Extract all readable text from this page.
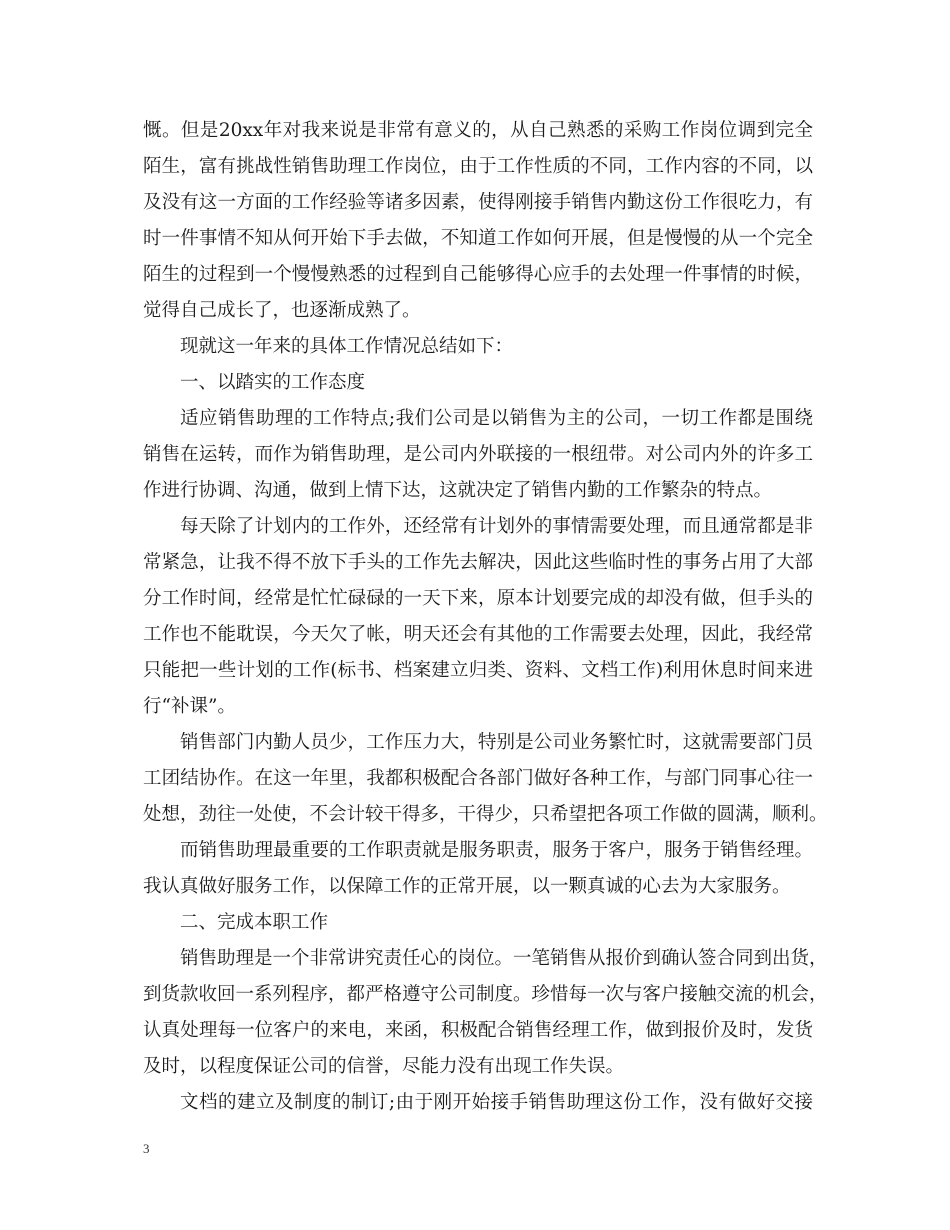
慨。但是20xx年对我来说是非常有意义的，从自己熟悉的采购工作岗位调到完全
陌生，富有挑战性销售助理工作岗位，由于工作性质的不同，工作内容的不同，以
及没有这一方面的工作经验等诸多因素，使得刚接手销售内勤这份工作很吃力，有
时一件事情不知从何开始下手去做，不知道工作如何开展，但是慢慢的从一个完全
陌生的过程到一个慢慢熟悉的过程到自己能够得心应手的去处理一件事情的时候，
觉得自己成长了，也逐渐成熟了。
现就这一年来的具体工作情况总结如下：
一、以踏实的工作态度
适应销售助理的工作特点;我们公司是以销售为主的公司，一切工作都是围绕
销售在运转，而作为销售助理，是公司内外联接的一根纽带。对公司内外的许多工
作进行协调、沟通，做到上情下达，这就决定了销售内勤的工作繁杂的特点。
每天除了计划内的工作外，还经常有计划外的事情需要处理，而且通常都是非
常紧急，让我不得不放下手头的工作先去解决，因此这些临时性的事务占用了大部
分工作时间，经常是忙忙碌碌的一天下来，原本计划要完成的却没有做，但手头的
工作也不能耽误，今天欠了帐，明天还会有其他的工作需要去处理，因此，我经常
只能把一些计划的工作(标书、档案建立归类、资料、文档工作)利用休息时间来进
行“补课”。
销售部门内勤人员少，工作压力大，特别是公司业务繁忙时，这就需要部门员
工团结协作。在这一年里，我都积极配合各部门做好各种工作，与部门同事心往一
处想，劲往一处使，不会计较干得多，干得少，只希望把各项工作做的圆满，顺利。
而销售助理最重要的工作职责就是服务职责，服务于客户，服务于销售经理。
我认真做好服务工作，以保障工作的正常开展，以一颗真诚的心去为大家服务。
二、完成本职工作
销售助理是一个非常讲究责任心的岗位。一笔销售从报价到确认签合同到出货，
到货款收回一系列程序，都严格遵守公司制度。珍惜每一次与客户接触交流的机会，
认真处理每一位客户的来电，来函，积极配合销售经理工作，做到报价及时，发货
及时，以程度保证公司的信誉，尽能力没有出现工作失误。
文档的建立及制度的制订;由于刚开始接手销售助理这份工作，没有做好交接
3
